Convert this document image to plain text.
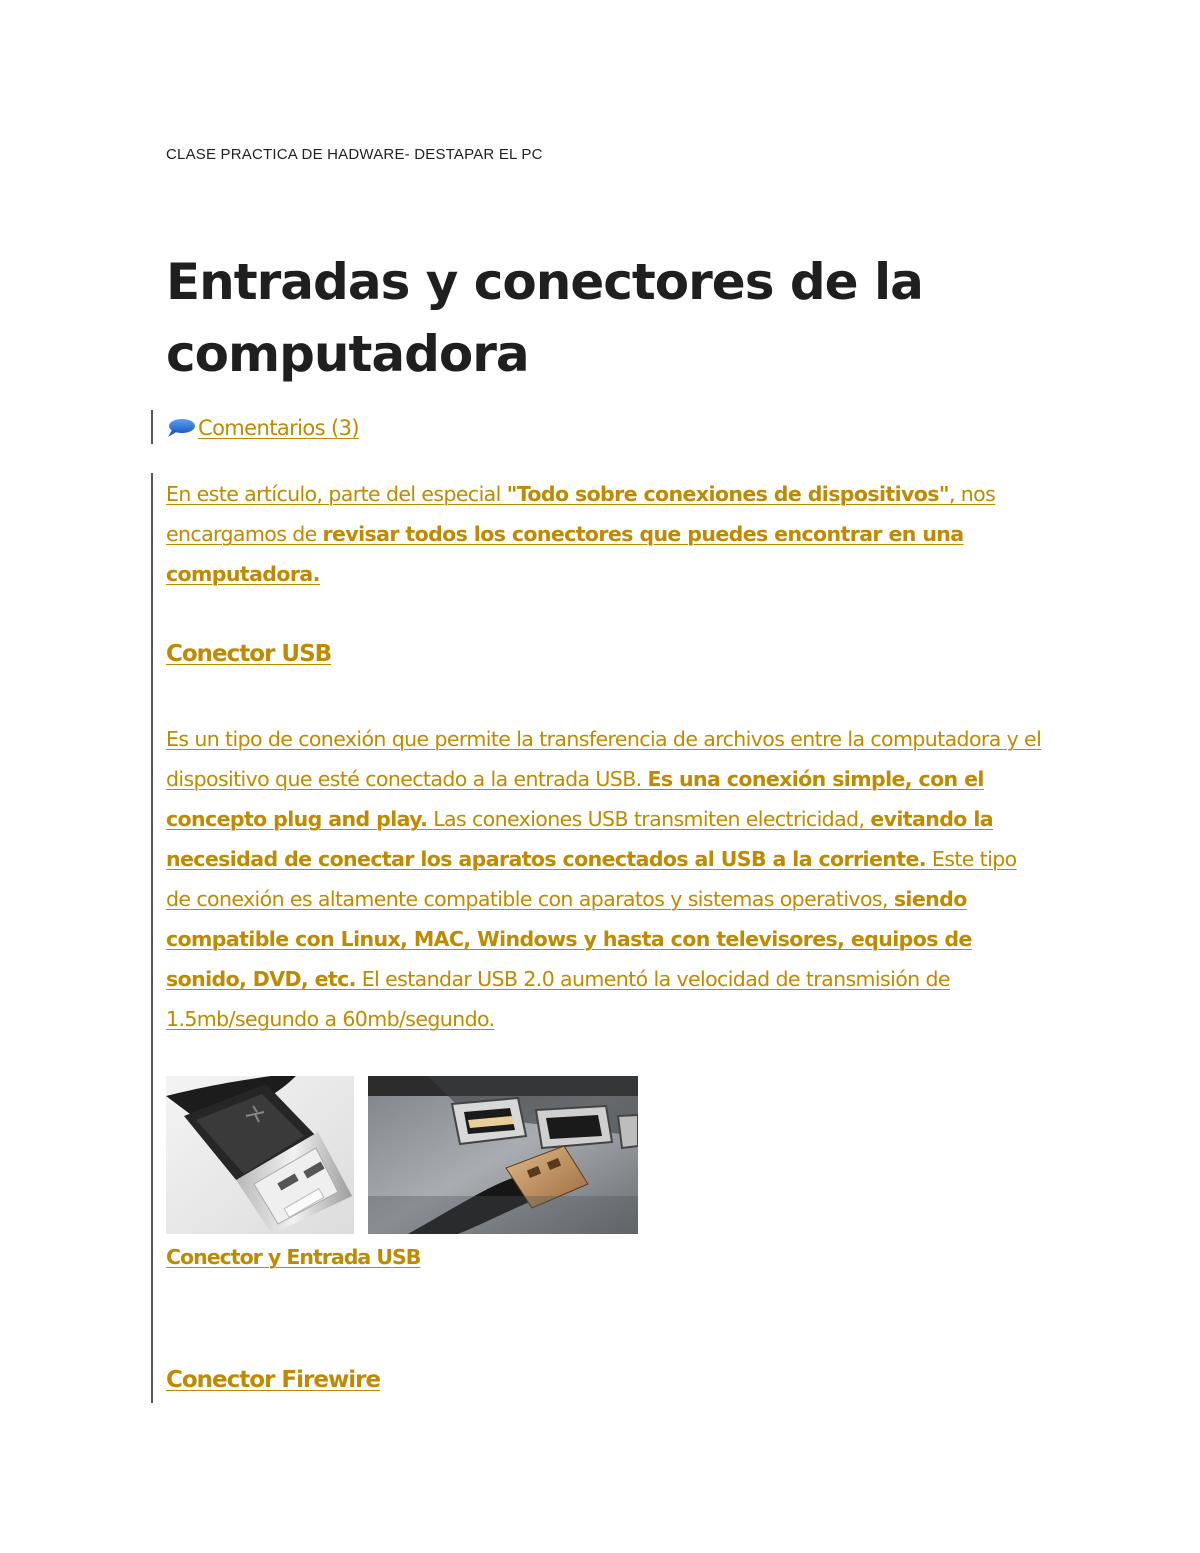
CLASE PRACTICA DE HADWARE- DESTAPAR EL PC
Entradas y conectores de la computadora
Comentarios (3)

En este artículo, parte del especial "Todo sobre conexiones de dispositivos", nos encargamos de revisar todos los conectores que puedes encontrar en una computadora.

Conector USB

Es un tipo de conexión que permite la transferencia de archivos entre la computadora y el dispositivo que esté conectado a la entrada USB. Es una conexión simple, con el concepto plug and play. Las conexiones USB transmiten electricidad, evitando la necesidad de conectar los aparatos conectados al USB a la corriente. Este tipo de conexión es altamente compatible con aparatos y sistemas operativos, siendo compatible con Linux, MAC, Windows y hasta con televisores, equipos de sonido, DVD, etc. El estandar USB 2.0 aumentó la velocidad de transmisión de 1.5mb/segundo a 60mb/segundo.

Conector y Entrada USB
Conector Firewire
